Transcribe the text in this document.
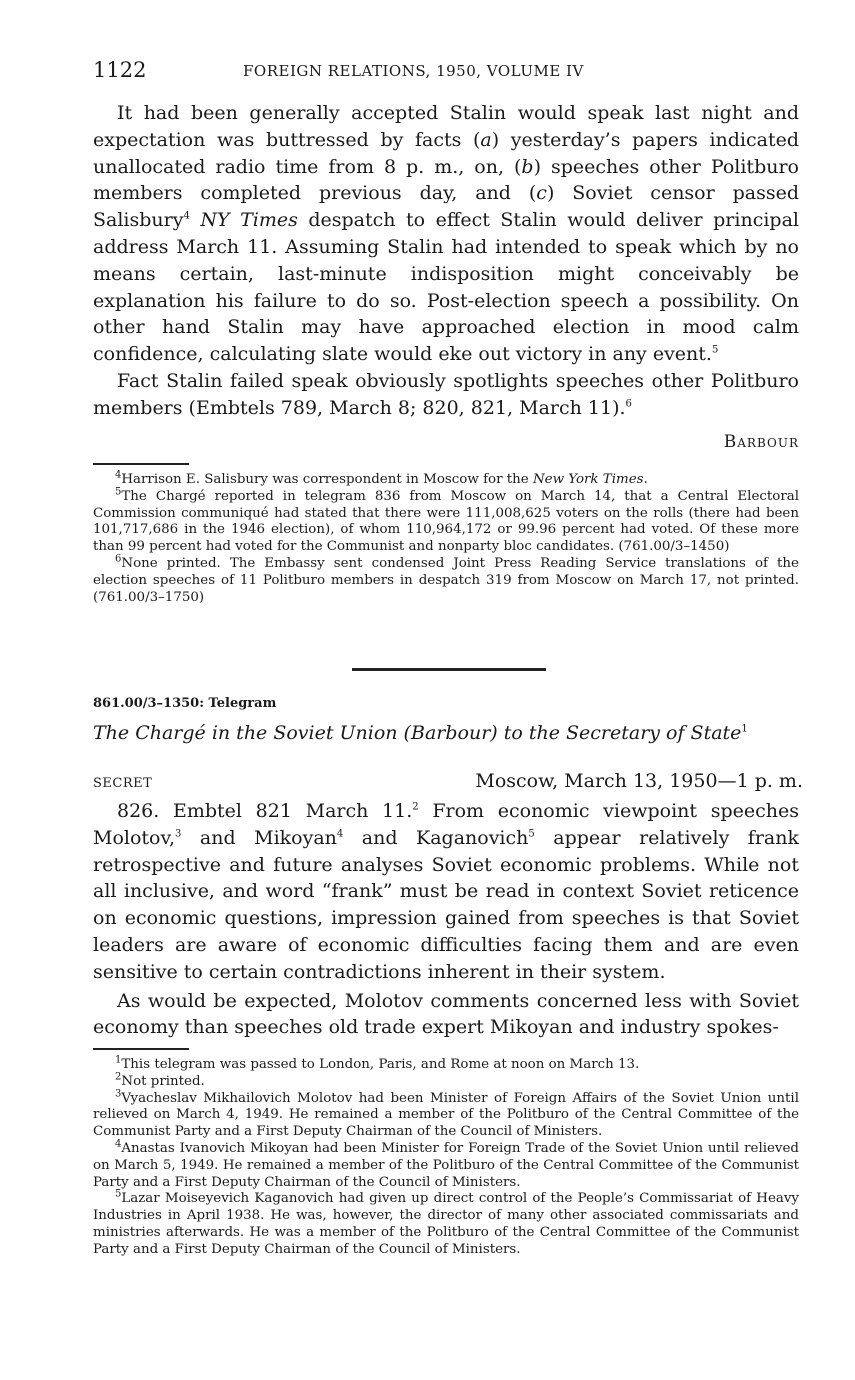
1122	FOREIGN RELATIONS, 1950, VOLUME IV

It had been generally accepted Stalin would speak last night and expectation was buttressed by facts (a) yesterday’s papers indicated unallocated radio time from 8 p. m., on, (b) speeches other Politburo members completed previous day, and (c) Soviet censor passed Salisbury$^4$ NY Times despatch to effect Stalin would deliver principal address March 11. Assuming Stalin had intended to speak which by no means certain, last-minute indisposition might conceivably be explanation his failure to do so. Post-election speech a possibility. On other hand Stalin may have approached election in mood calm confidence, calculating slate would eke out victory in any event.$^5$

Fact Stalin failed speak obviously spotlights speeches other Politburo members (Embtels 789, March 8; 820, 821, March 11).$^6$

Barbour

$^4$Harrison E. Salisbury was correspondent in Moscow for the New York Times.

$^5$The Chargé reported in telegram 836 from Moscow on March 14, that a Central Electoral Commission communiqué had stated that there were 111,008,625 voters on the rolls (there had been 101,717,686 in the 1946 election), of whom 110,964,172 or 99.96 percent had voted. Of these more than 99 percent had voted for the Communist and nonparty bloc candidates. (761.00/3–1450)

$^6$None printed. The Embassy sent condensed Joint Press Reading Service translations of the election speeches of 11 Politburo members in despatch 319 from Moscow on March 17, not printed. (761.00/3–1750)

861.00/3–1350: Telegram
The Chargé in the Soviet Union (Barbour) to the Secretary of State$^1$
SECRET	Moscow, March 13, 1950—1 p. m.

826. Embtel 821 March 11.$^2$ From economic viewpoint speeches Molotov,$^3$ and Mikoyan$^4$ and Kaganovich$^5$ appear relatively frank retrospective and future analyses Soviet economic problems. While not all inclusive, and word “frank” must be read in context Soviet reticence on economic questions, impression gained from speeches is that Soviet leaders are aware of economic difficulties facing them and are even sensitive to certain contradictions inherent in their system.

As would be expected, Molotov comments concerned less with Soviet economy than speeches old trade expert Mikoyan and industry spokes-

$^1$This telegram was passed to London, Paris, and Rome at noon on March 13.

$^2$Not printed.

$^3$Vyacheslav Mikhailovich Molotov had been Minister of Foreign Affairs of the Soviet Union until relieved on March 4, 1949. He remained a member of the Politburo of the Central Committee of the Communist Party and a First Deputy Chairman of the Council of Ministers.

$^4$Anastas Ivanovich Mikoyan had been Minister for Foreign Trade of the Soviet Union until relieved on March 5, 1949. He remained a member of the Politburo of the Central Committee of the Communist Party and a First Deputy Chairman of the Council of Ministers.

$^5$Lazar Moiseyevich Kaganovich had given up direct control of the People’s Commissariat of Heavy Industries in April 1938. He was, however, the director of many other associated commissariats and ministries afterwards. He was a member of the Politburo of the Central Committee of the Communist Party and a First Deputy Chairman of the Council of Ministers.
